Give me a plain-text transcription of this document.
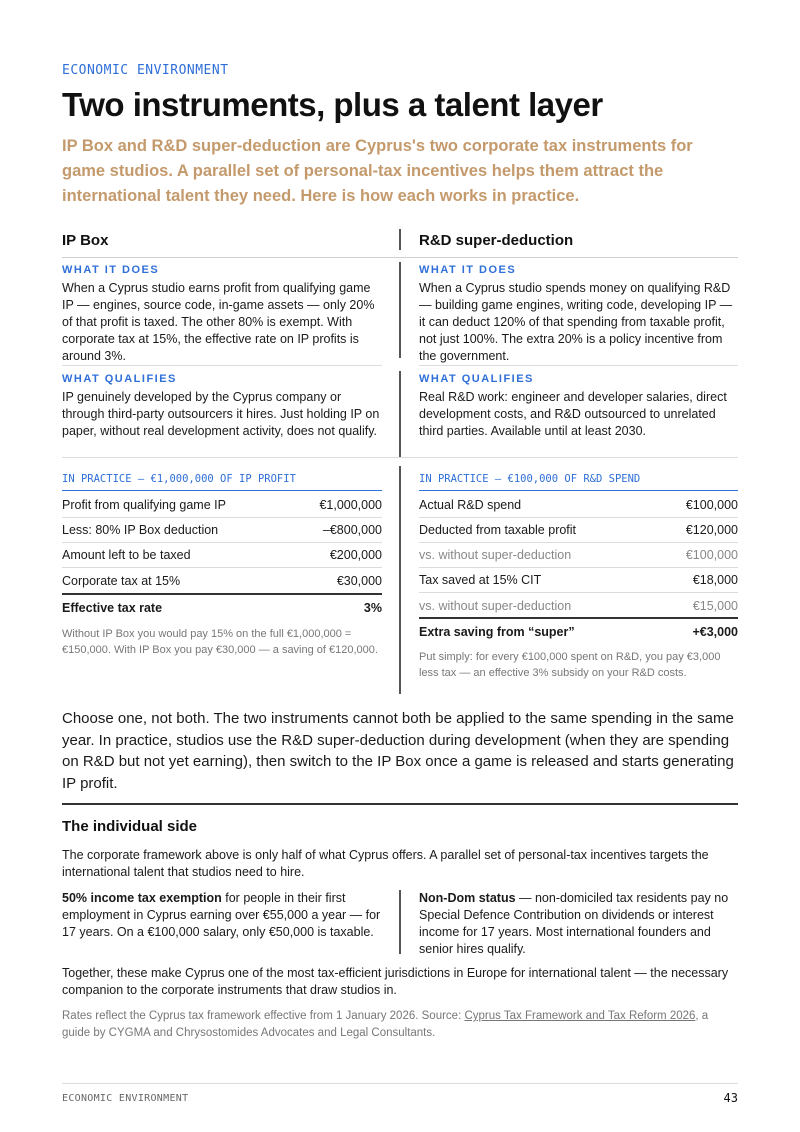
ECONOMIC ENVIRONMENT
Two instruments, plus a talent layer
IP Box and R&D super-deduction are Cyprus's two corporate tax instruments for game studios. A parallel set of personal-tax incentives helps them attract the international talent they need. Here is how each works in practice.
IP Box	R&D super-deduction
WHAT IT DOES
When a Cyprus studio earns profit from qualifying game IP — engines, source code, in-game assets — only 20% of that profit is taxed. The other 80% is exempt. With corporate tax at 15%, the effective rate on IP profits is around 3%.
WHAT IT DOES
When a Cyprus studio spends money on qualifying R&D — building game engines, writing code, developing IP — it can deduct 120% of that spending from taxable profit, not just 100%. The extra 20% is a policy incentive from the government.
WHAT QUALIFIES
IP genuinely developed by the Cyprus company or through third-party outsourcers it hires. Just holding IP on paper, without real development activity, does not qualify.
WHAT QUALIFIES
Real R&D work: engineer and developer salaries, direct development costs, and R&D outsourced to unrelated third parties. Available until at least 2030.
IN PRACTICE — €1,000,000 OF IP PROFIT
Profit from qualifying game IP	€1,000,000
Less: 80% IP Box deduction	–€800,000
Amount left to be taxed	€200,000
Corporate tax at 15%	€30,000
Effective tax rate	3%
Without IP Box you would pay 15% on the full €1,000,000 = €150,000. With IP Box you pay €30,000 — a saving of €120,000.
IN PRACTICE — €100,000 OF R&D SPEND
Actual R&D spend	€100,000
Deducted from taxable profit	€120,000
vs. without super-deduction	€100,000
Tax saved at 15% CIT	€18,000
vs. without super-deduction	€15,000
Extra saving from “super”	+€3,000
Put simply: for every €100,000 spent on R&D, you pay €3,000 less tax — an effective 3% subsidy on your R&D costs.
Choose one, not both. The two instruments cannot both be applied to the same spending in the same year. In practice, studios use the R&D super-deduction during development (when they are spending on R&D but not yet earning), then switch to the IP Box once a game is released and starts generating IP profit.
The individual side
The corporate framework above is only half of what Cyprus offers. A parallel set of personal-tax incentives targets the international talent that studios need to hire.
50% income tax exemption for people in their first employment in Cyprus earning over €55,000 a year — for 17 years. On a €100,000 salary, only €50,000 is taxable.
Non-Dom status — non-domiciled tax residents pay no Special Defence Contribution on dividends or interest income for 17 years. Most international founders and senior hires qualify.
Together, these make Cyprus one of the most tax-efficient jurisdictions in Europe for international talent — the necessary companion to the corporate instruments that draw studios in.
Rates reflect the Cyprus tax framework effective from 1 January 2026. Source: Cyprus Tax Framework and Tax Reform 2026, a guide by CYGMA and Chrysostomides Advocates and Legal Consultants.
ECONOMIC ENVIRONMENT	43
